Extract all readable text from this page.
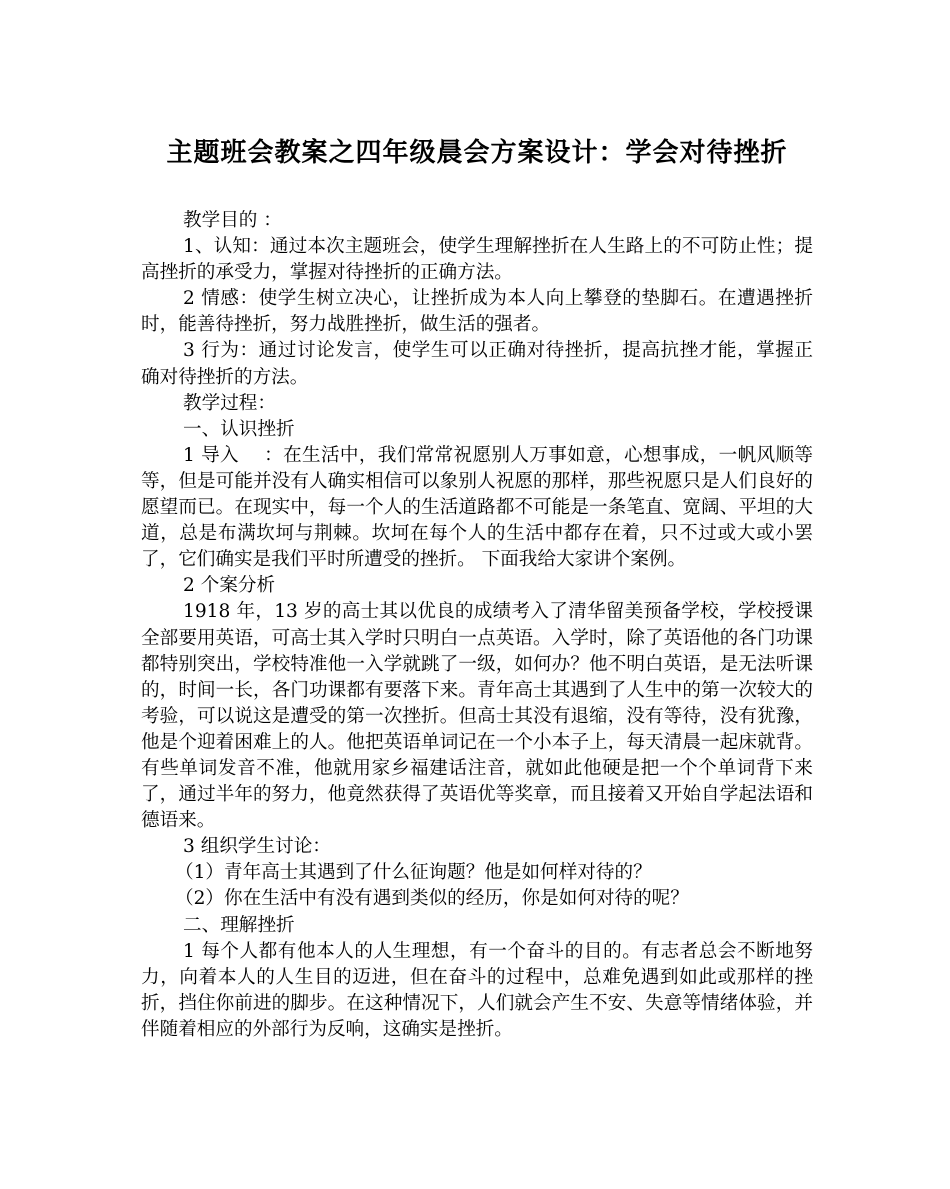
主题班会教案之四年级晨会方案设计：学会对待挫折

教学目的 ：

1、认知：通过本次主题班会，使学生理解挫折在人生路上的不可防止性；提高挫折的承受力，掌握对待挫折的正确方法。

2 情感：使学生树立决心，让挫折成为本人向上攀登的垫脚石。在遭遇挫折时，能善待挫折，努力战胜挫折，做生活的强者。

3 行为：通过讨论发言，使学生可以正确对待挫折，提高抗挫才能，掌握正确对待挫折的方法。

教学过程：

一、认识挫折

1 导入　 ：在生活中，我们常常祝愿别人万事如意，心想事成，一帆风顺等等，但是可能并没有人确实相信可以象别人祝愿的那样，那些祝愿只是人们良好的愿望而已。在现实中，每一个人的生活道路都不可能是一条笔直、宽阔、平坦的大道，总是布满坎坷与荆棘。坎坷在每个人的生活中都存在着，只不过或大或小罢了，它们确实是我们平时所遭受的挫折。 下面我给大家讲个案例。

2 个案分析

1918 年，13 岁的高士其以优良的成绩考入了清华留美预备学校，学校授课全部要用英语，可高士其入学时只明白一点英语。入学时，除了英语他的各门功课都特别突出，学校特准他一入学就跳了一级，如何办？他不明白英语，是无法听课的，时间一长，各门功课都有要落下来。青年高士其遇到了人生中的第一次较大的考验，可以说这是遭受的第一次挫折。但高士其没有退缩，没有等待，没有犹豫，他是个迎着困难上的人。他把英语单词记在一个小本子上，每天清晨一起床就背。有些单词发音不准，他就用家乡福建话注音，就如此他硬是把一个个单词背下来了，通过半年的努力，他竟然获得了英语优等奖章，而且接着又开始自学起法语和德语来。

3 组织学生讨论：

（1）青年高士其遇到了什么征询题？他是如何样对待的？

（2）你在生活中有没有遇到类似的经历，你是如何对待的呢？

二、理解挫折

1 每个人都有他本人的人生理想，有一个奋斗的目的。有志者总会不断地努力，向着本人的人生目的迈进，但在奋斗的过程中，总难免遇到如此或那样的挫折，挡住你前进的脚步。在这种情况下，人们就会产生不安、失意等情绪体验，并伴随着相应的外部行为反响，这确实是挫折。
